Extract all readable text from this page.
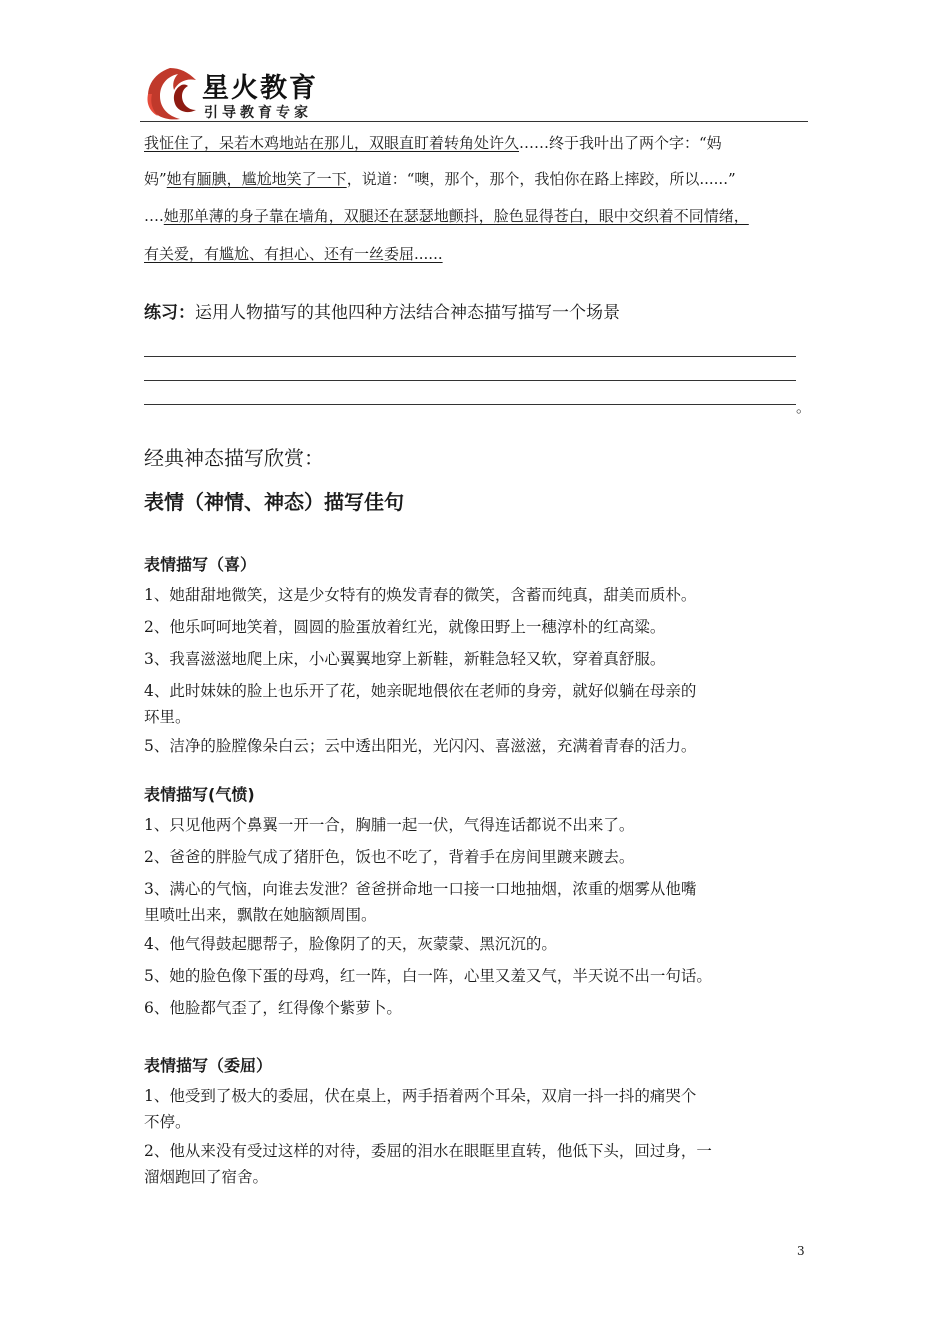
星火教育
引导教育专家
我怔住了，呆若木鸡地站在那儿，双眼直盯着转角处许久……终于我叶出了两个字：“妈
妈”她有腼腆，尴尬地笑了一下，说道：“噢，那个，那个，我怕你在路上摔跤，所以......”
….她那单薄的身子靠在墙角，双腿还在瑟瑟地颤抖，脸色显得苍白，眼中交织着不同情绪，
有关爱，有尴尬、有担心、还有一丝委屈......
练习：运用人物描写的其他四种方法结合神态描写描写一个场景
。
经典神态描写欣赏：
表情（神情、神态）描写佳句
表情描写（喜）
1、她甜甜地微笑，这是少女特有的焕发青春的微笑，含蓄而纯真，甜美而质朴。
2、他乐呵呵地笑着，圆圆的脸蛋放着红光，就像田野上一穗淳朴的红高粱。
3、我喜滋滋地爬上床，小心翼翼地穿上新鞋，新鞋急轻又软，穿着真舒服。
4、此时妹妹的脸上也乐开了花，她亲昵地偎依在老师的身旁，就好似躺在母亲的
环里。
5、洁净的脸膛像朵白云；云中透出阳光，光闪闪、喜滋滋，充满着青春的活力。
表情描写(气愤)
1、只见他两个鼻翼一开一合，胸脯一起一伏，气得连话都说不出来了。
2、爸爸的胖脸气成了猪肝色，饭也不吃了，背着手在房间里踱来踱去。
3、满心的气恼，向谁去发泄？爸爸拼命地一口接一口地抽烟，浓重的烟雾从他嘴
里喷吐出来，飘散在她脑额周围。
4、他气得鼓起腮帮子，脸像阴了的天，灰蒙蒙、黑沉沉的。
5、她的脸色像下蛋的母鸡，红一阵，白一阵，心里又羞又气，半天说不出一句话。
6、他脸都气歪了，红得像个紫萝卜。
表情描写（委屈）
1、他受到了极大的委屈，伏在桌上，两手捂着两个耳朵，双肩一抖一抖的痛哭个
不停。
2、他从来没有受过这样的对待，委屈的泪水在眼眶里直转，他低下头，回过身，一
溜烟跑回了宿舍。
3
